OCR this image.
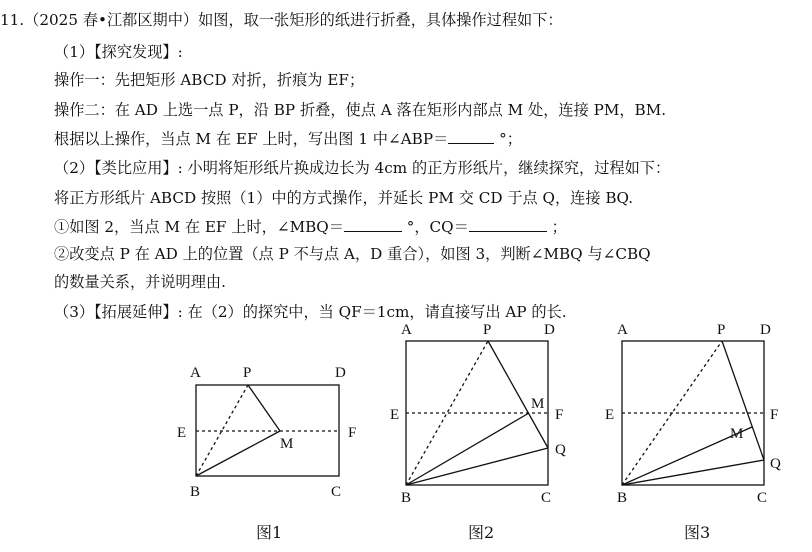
11.（2025 春•江都区期中）如图，取一张矩形的纸进行折叠，具体操作过程如下：
（1）【探究发现】:
操作一：先把矩形 ABCD 对折，折痕为 EF；
操作二：在 AD 上选一点 P，沿 BP 折叠，使点 A 落在矩形内部点 M 处，连接 PM，BM.
根据以上操作，当点 M 在 EF 上时，写出图 1 中∠ABP＝	°；
（2）【类比应用】: 小明将矩形纸片换成边长为 4cm 的正方形纸片，继续探究，过程如下：
将正方形纸片 ABCD 按照（1）中的方式操作，并延长 PM 交 CD 于点 Q，连接 BQ.
①如图 2，当点 M 在 EF 上时，∠MBQ＝	°，CQ＝	；
②改变点 P 在 AD 上的位置（点 P 不与点 A，D 重合），如图 3，判断∠MBQ 与∠CBQ
的数量关系，并说明理由.
（3）【拓展延伸】: 在（2）的探究中，当 QF＝1cm，请直接写出 AP 的长.
A	P	D
E
M
F
B	C
图1
A	P	D
E
M
F
Q
B	C
图2
A	P D
E
M
F
Q
B	C
图3
